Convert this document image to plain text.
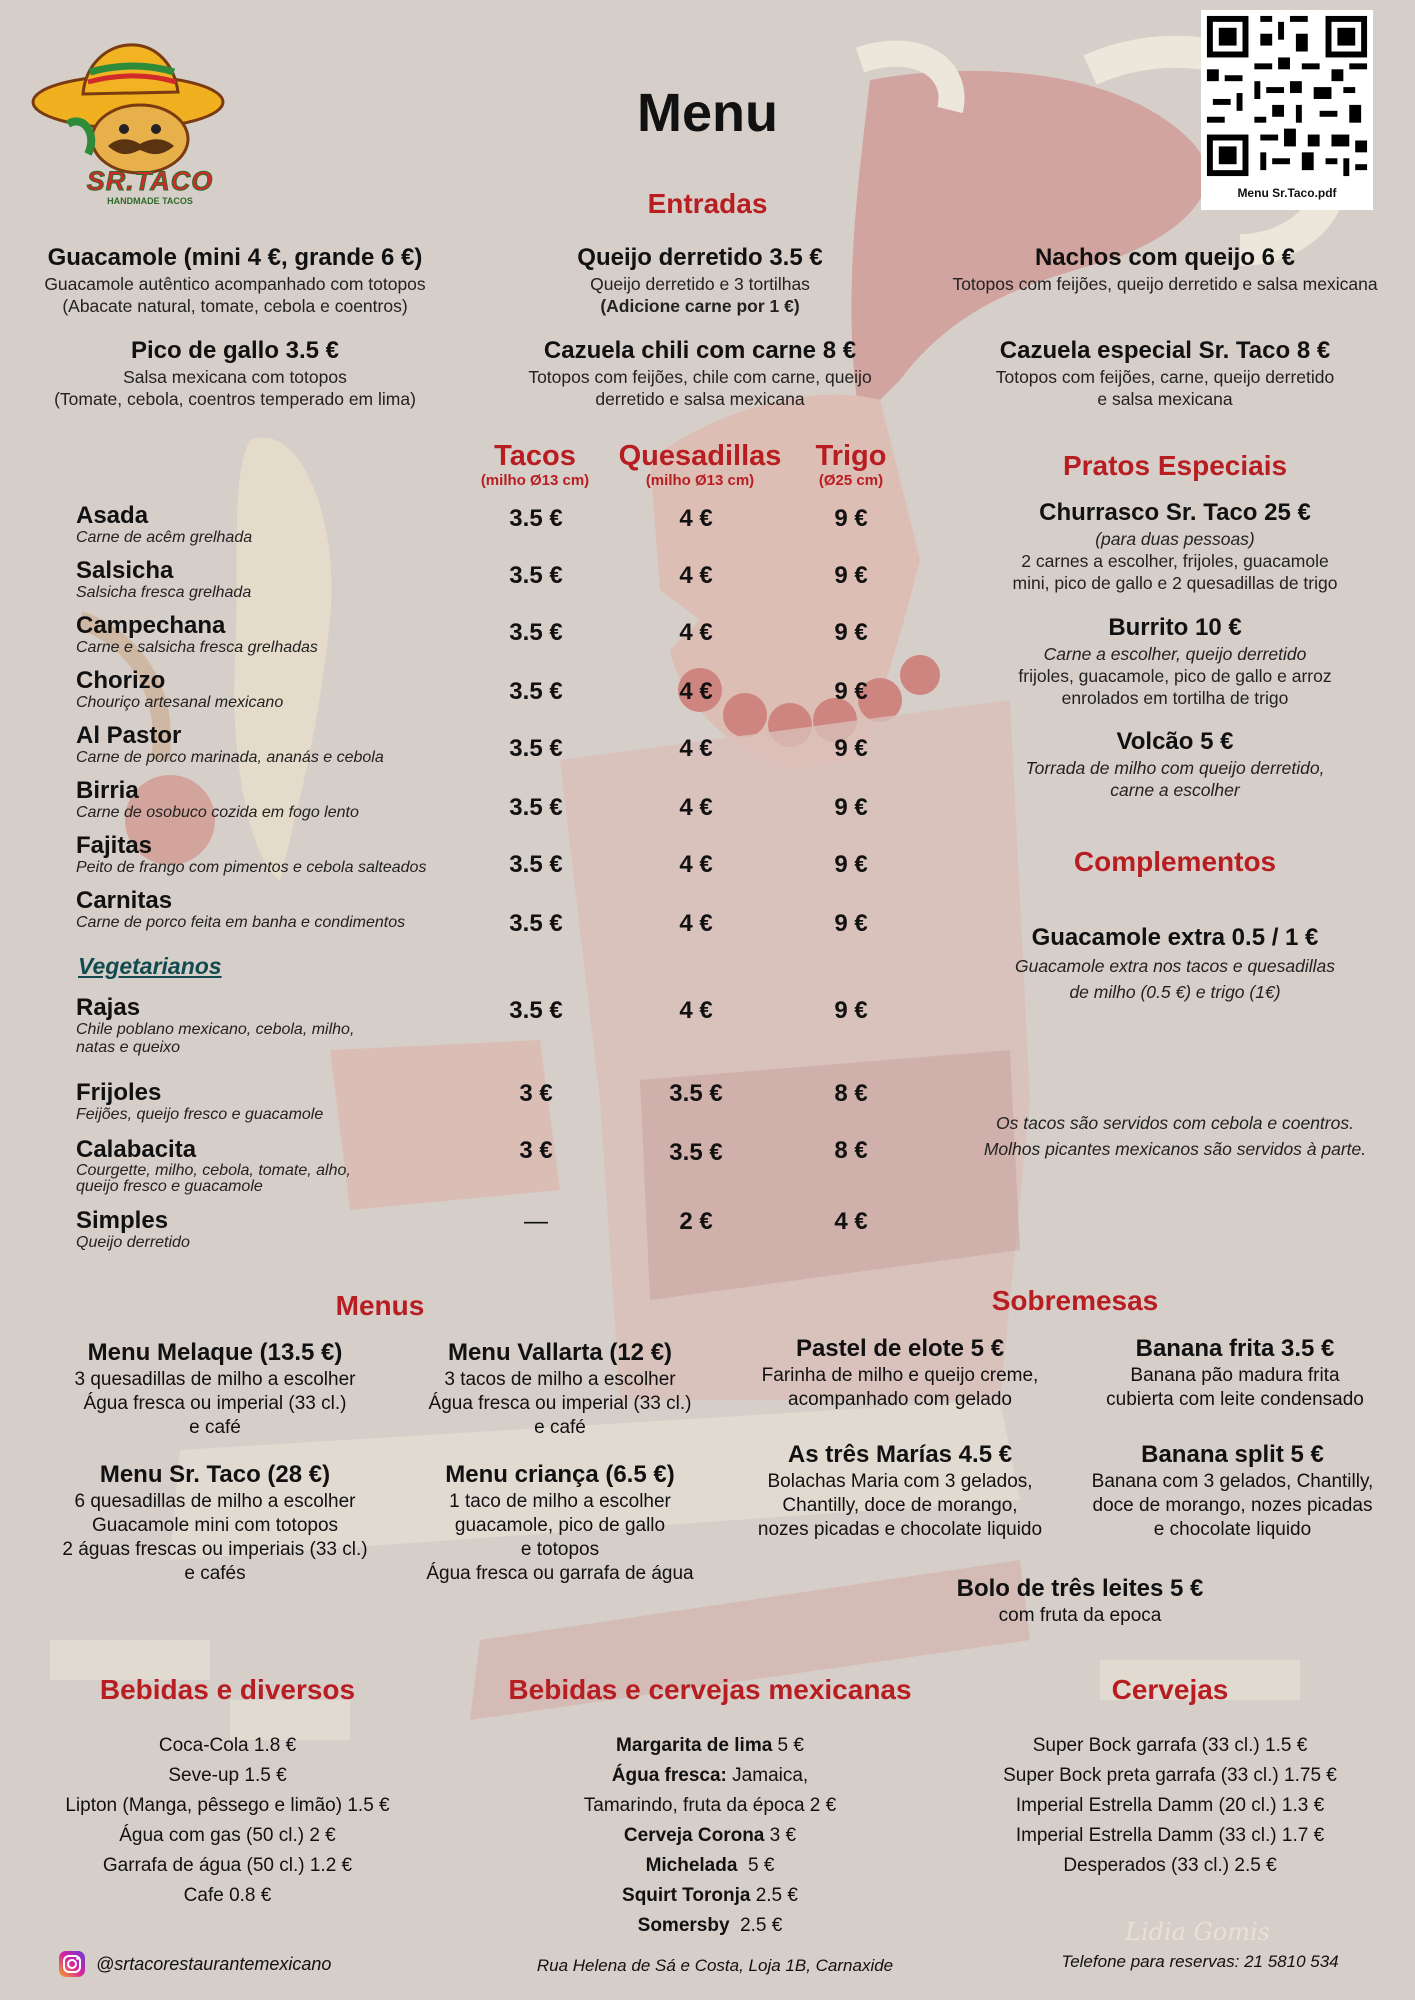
SR.TACO
HANDMADE TACOS
Menu
Menu Sr.Taco.pdf
Entradas
Guacamole (mini 4 €, grande 6 €)
Guacamole autêntico acompanhado com totopos
(Abacate natural, tomate, cebola e coentros)
Queijo derretido 3.5 €
Queijo derretido e 3 tortilhas
(Adicione carne por 1 €)
Nachos com queijo 6 €
Totopos com feijões, queijo derretido e salsa mexicana
Pico de gallo 3.5 €
Salsa mexicana com totopos
(Tomate, cebola, coentros temperado em lima)
Cazuela chili com carne 8 €
Totopos com feijões, chile com carne, queijo
derretido e salsa mexicana
Cazuela especial Sr. Taco 8 €
Totopos com feijões, carne, queijo derretido
e salsa mexicana
Tacos
(milho Ø13 cm)
Quesadillas
(milho Ø13 cm)
Trigo
(Ø25 cm)
Asada
Carne de acêm grelhada
3.5 €	4 €	9 €
Salsicha
Salsicha fresca grelhada
3.5 €	4 €	9 €
Campechana
Carne e salsicha fresca grelhadas
3.5 €	4 €	9 €
Chorizo
Chouriço artesanal mexicano	3.5 €	4 €	9 €
Al Pastor
Carne de porco marinada, ananás e cebola	3.5 €	4 €	9 €
Birria
Carne de osobuco cozida em fogo lento	3.5 €	4 €	9 €
Fajitas
Peito de frango com pimentos e cebola salteados	3.5 €	4 €	9 €
Carnitas
Carne de porco feita em banha e condimentos	3.5 €	4 €	9 €
Vegetarianos
Rajas
Chile poblano mexicano, cebola, milho,
natas e queixo
3.5 €	4 €	9 €
Frijoles
Feijões, queijo fresco e guacamole
3 €	3.5 €	8 €
Calabacita
Courgette, milho, cebola, tomate, alho,
queijo fresco e guacamole
3 €	3.5 €	8 €
Simples
Queijo derretido
—	2 €	4 €
Pratos Especiais
Churrasco Sr. Taco 25 €
(para duas pessoas)
2 carnes a escolher, frijoles, guacamole
mini, pico de gallo e 2 quesadillas de trigo
Burrito 10 €
Carne a escolher, queijo derretido
frijoles, guacamole, pico de gallo e arroz
enrolados em tortilha de trigo
Volcão 5 €
Torrada de milho com queijo derretido,
carne a escolher
Complementos
Guacamole extra 0.5 / 1 €
Guacamole extra nos tacos e quesadillas
de milho (0.5 €) e trigo (1€)
Os tacos são servidos com cebola e coentros.
Molhos picantes mexicanos são servidos à parte.
Menus
Menu Melaque (13.5 €)
3 quesadillas de milho a escolher
Água fresca ou imperial (33 cl.)
e café
Menu Vallarta (12 €)
3 tacos de milho a escolher
Água fresca ou imperial (33 cl.)
e café
Menu Sr. Taco (28 €)
6 quesadillas de milho a escolher
Guacamole mini com totopos
2 águas frescas ou imperiais (33 cl.)
e cafés
Menu criança (6.5 €)
1 taco de milho a escolher
guacamole, pico de gallo
e totopos
Água fresca ou garrafa de água
Sobremesas
Pastel de elote 5 €
Farinha de milho e queijo creme,
acompanhado com gelado
Banana frita 3.5 €
Banana pão madura frita
cubierta com leite condensado
As três Marías 4.5 €
Bolachas Maria com 3 gelados,
Chantilly, doce de morango,
nozes picadas e chocolate liquido
Banana split 5 €
Banana com 3 gelados, Chantilly,
doce de morango, nozes picadas
e chocolate liquido
Bolo de três leites 5 €
com fruta da epoca
Bebidas e diversos
Coca-Cola 1.8 €
Seve-up 1.5 €
Lipton (Manga, pêssego e limão) 1.5 €
Água com gas (50 cl.) 2 €
Garrafa de água (50 cl.) 1.2 €
Cafe 0.8 €
Bebidas e cervejas mexicanas
Margarita de lima 5 €
Água fresca: Jamaica,
Tamarindo, fruta da época 2 €
Cerveja Corona 3 €
Michelada  5 €
Squirt Toronja 2.5 €
Somersby  2.5 €
Cervejas
Super Bock garrafa (33 cl.) 1.5 €
Super Bock preta garrafa (33 cl.) 1.75 €
Imperial Estrella Damm (20 cl.) 1.3 €
Imperial Estrella Damm (33 cl.) 1.7 €
Desperados (33 cl.) 2.5 €
Lidia Gomis
@srtacorestaurantemexicano	Rua Helena de Sá e Costa, Loja 1B, Carnaxide	Telefone para reservas: 21 5810 534
